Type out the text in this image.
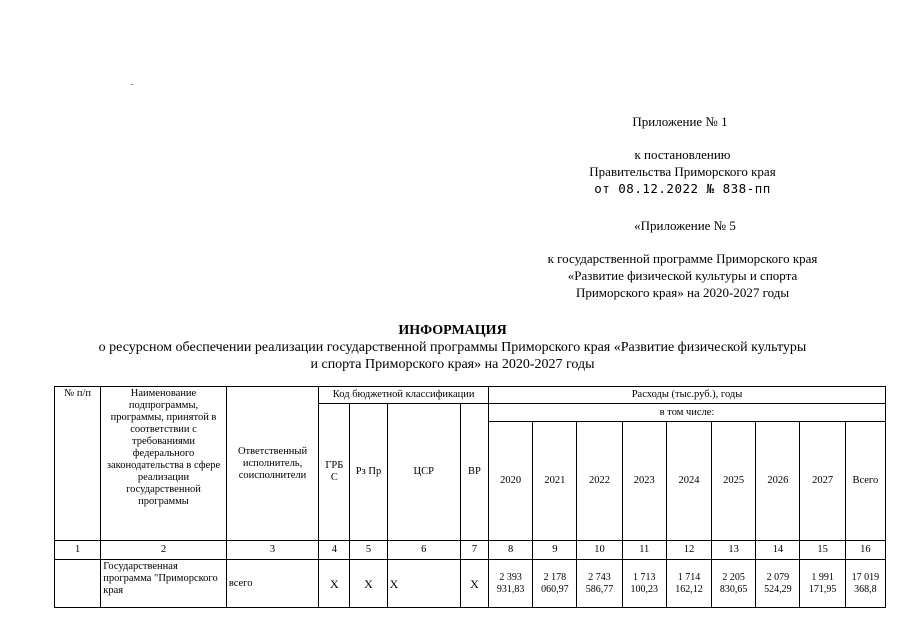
Приложение № 1
к постановлению
Правительства Приморского края
от 08.12.2022 № 838-пп
«Приложение № 5
к государственной программе Приморского края
«Развитие физической культуры и спорта
Приморского края» на 2020-2027 годы
ИНФОРМАЦИЯ
о ресурсном обеспечении реализации государственной программы Приморского края «Развитие физической культуры
и спорта Приморского края» на 2020-2027 годы
№ п/п	Наименование подпрограммы, программы, принятой в соответствии с требованиями федерального законодательства в сфере реализации государственной программы	Ответственный исполнитель, соисполнители	Код бюджетной классификации				Расходы (тыс.руб.), годы								
			ГРБ С	Рз Пр	ЦСР	ВР	в том числе:								
							2020	2021	2022	2023	2024	2025	2026	2027	Всего
1	2	3	4	5	6	7	8	9	10	11	12	13	14	15	16
	Государственная программа "Приморского края	всего	X	X	X	X	2 393 931,83	2 178 060,97	2 743 586,77	1 713 100,23	1 714 162,12	2 205 830,65	2 079 524,29	1 991 171,95	17 019 368,8
